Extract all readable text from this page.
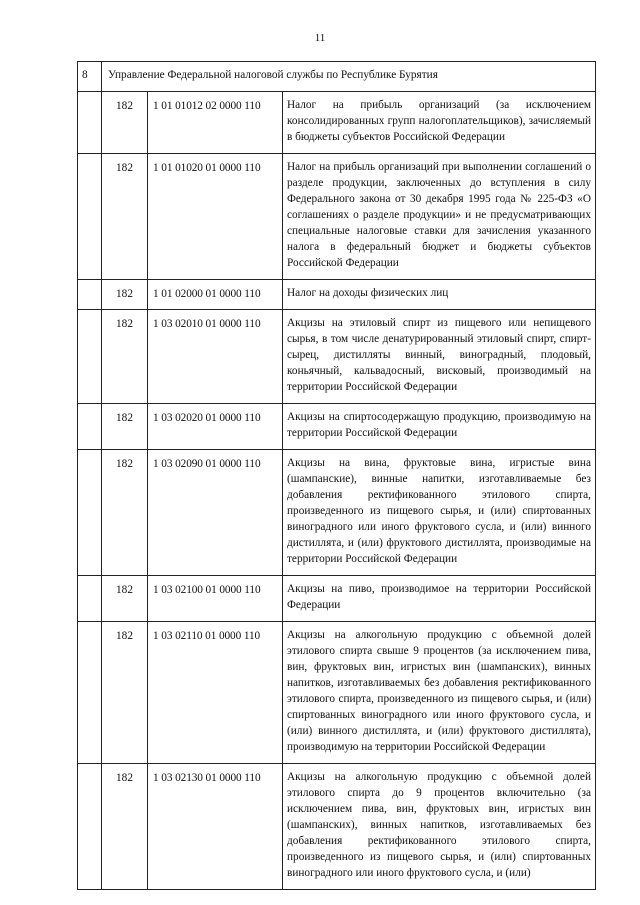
11
8	Управление Федеральной налоговой службы по Республике Бурятия		
	182	1 01 01012 02 0000 110	Налог на прибыль организаций (за исключением консолидированных групп налогоплательщиков), зачисляемый в бюджеты субъектов Российской Федерации
	182	1 01 01020 01 0000 110	Налог на прибыль организаций при выполнении соглашений о разделе продукции, заключенных до вступления в силу Федерального закона от 30 декабря 1995 года № 225-ФЗ «О соглашениях о разделе продукции» и не предусматривающих специальные налоговые ставки для зачисления указанного налога в федеральный бюджет и бюджеты субъектов Российской Федерации
	182	1 01 02000 01 0000 110	Налог на доходы физических лиц
	182	1 03 02010 01 0000 110	Акцизы на этиловый спирт из пищевого или непищевого сырья, в том числе денатурированный этиловый спирт, спирт-сырец, дистилляты винный, виноградный, плодовый, коньячный, кальвадосный, висковый, производимый на территории Российской Федерации
	182	1 03 02020 01 0000 110	Акцизы на спиртосодержащую продукцию, производимую на территории Российской Федерации
	182	1 03 02090 01 0000 110	Акцизы на вина, фруктовые вина, игристые вина (шампанские), винные напитки, изготавливаемые без добавления ректификованного этилового спирта, произведенного из пищевого сырья, и (или) спиртованных виноградного или иного фруктового сусла, и (или) винного дистиллята, и (или) фруктового дистиллята, производимые на территории Российской Федерации
	182	1 03 02100 01 0000 110	Акцизы на пиво, производимое на территории Российской Федерации
	182	1 03 02110 01 0000 110	Акцизы на алкогольную продукцию с объемной долей этилового спирта свыше 9 процентов (за исключением пива, вин, фруктовых вин, игристых вин (шампанских), винных напитков, изготавливаемых без добавления ректификованного этилового спирта, произведенного из пищевого сырья, и (или) спиртованных виноградного или иного фруктового сусла, и (или) винного дистиллята, и (или) фруктового дистиллята), производимую на территории Российской Федерации
	182	1 03 02130 01 0000 110	Акцизы на алкогольную продукцию с объемной долей этилового спирта до 9 процентов включительно (за исключением пива, вин, фруктовых вин, игристых вин (шампанских), винных напитков, изготавливаемых без добавления ректификованного этилового спирта, произведенного из пищевого сырья, и (или) спиртованных виноградного или иного фруктового сусла, и (или)
